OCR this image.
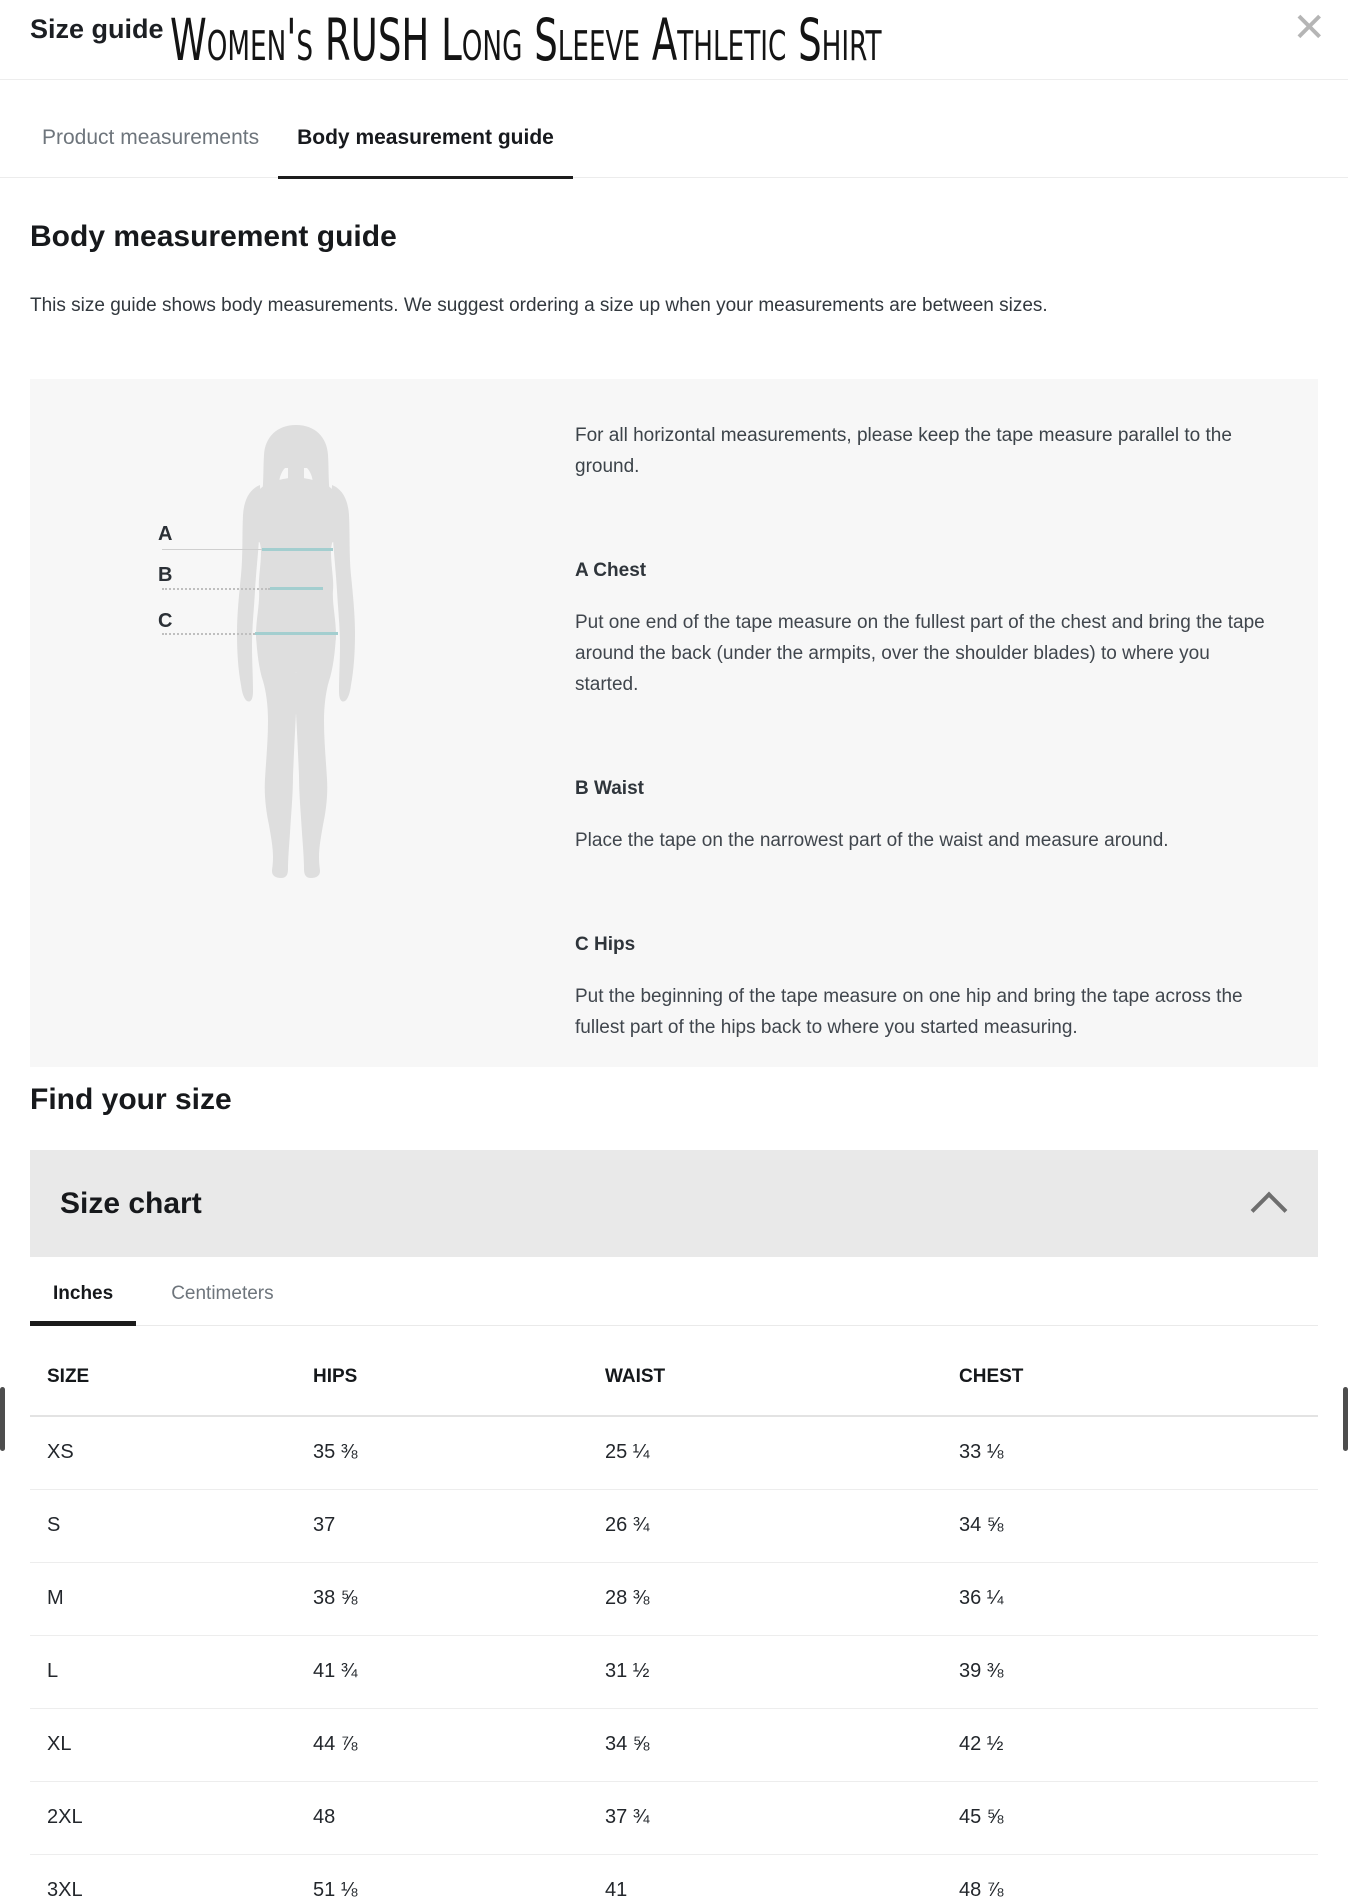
Size guide Women's RUSH Long Sleeve Athletic Shirt	✕
Product measurements	Body measurement guide
Body measurement guide

This size guide shows body measurements. We suggest ordering a size up when your measurements are between sizes.

A
B
C

For all horizontal measurements, please keep the tape measure parallel to the ground.

A Chest

Put one end of the tape measure on the fullest part of the chest and bring the tape around the back (under the armpits, over the shoulder blades) to where you started.

B Waist

Place the tape on the narrowest part of the waist and measure around.

C Hips

Put the beginning of the tape measure on one hip and bring the tape across the fullest part of the hips back to where you started measuring.

Find your size
Size chart
Inches	Centimeters
SIZE	HIPS	WAIST	CHEST
XS	35 ⅜	25 ¼	33 ⅛
S	37	26 ¾	34 ⅝
M	38 ⅝	28 ⅜	36 ¼
L	41 ¾	31 ½	39 ⅜
XL	44 ⅞	34 ⅝	42 ½
2XL	48	37 ¾	45 ⅝
3XL	51 ⅛	41	48 ⅞
